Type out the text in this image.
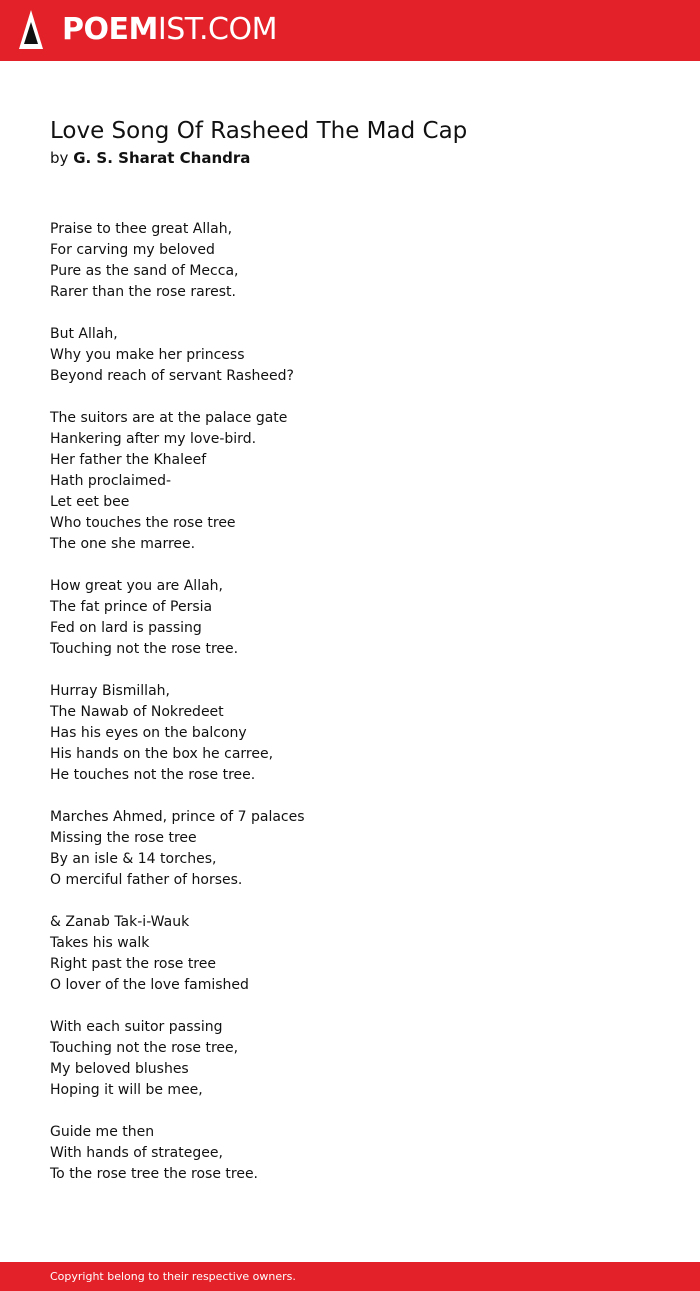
POEMIST.COM
Love Song Of Rasheed The Mad Cap
by G. S. Sharat Chandra
Praise to thee great Allah,
For carving my beloved
Pure as the sand of Mecca,
Rarer than the rose rarest.
But Allah,
Why you make her princess
Beyond reach of servant Rasheed?
The suitors are at the palace gate
Hankering after my love-bird.
Her father the Khaleef
Hath proclaimed-
Let eet bee
Who touches the rose tree
The one she marree.
How great you are Allah,
The fat prince of Persia
Fed on lard is passing
Touching not the rose tree.
Hurray Bismillah,
The Nawab of Nokredeet
Has his eyes on the balcony
His hands on the box he carree,
He touches not the rose tree.
Marches Ahmed, prince of 7 palaces
Missing the rose tree
By an isle & 14 torches,
O merciful father of horses.
& Zanab Tak-i-Wauk
Takes his walk
Right past the rose tree
O lover of the love famished
With each suitor passing
Touching not the rose tree,
My beloved blushes
Hoping it will be mee,
Guide me then
With hands of strategee,
To the rose tree the rose tree.
Copyright belong to their respective owners.
